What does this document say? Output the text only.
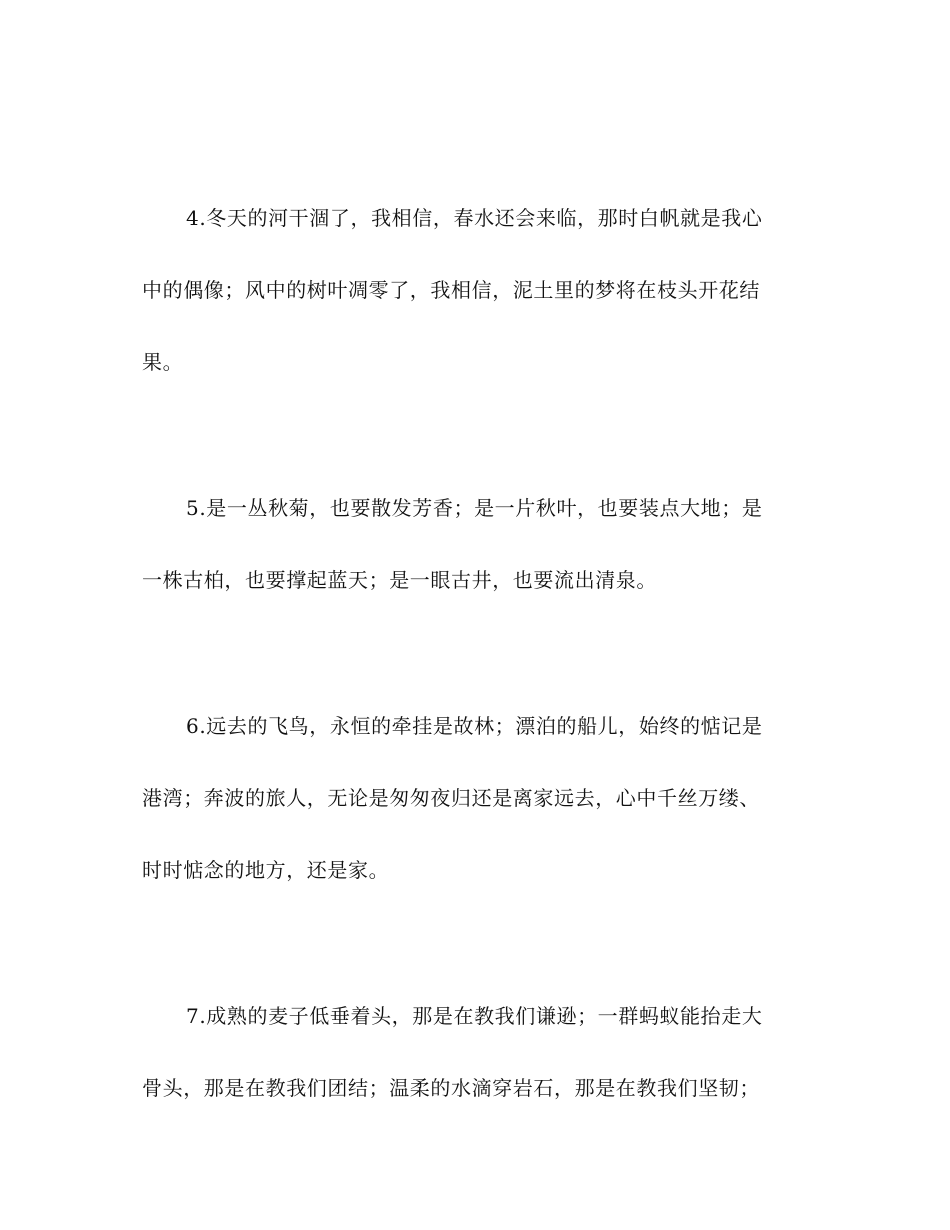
4.冬天的河干涸了，我相信，春水还会来临，那时白帆就是我心
中的偶像；风中的树叶凋零了，我相信，泥土里的梦将在枝头开花结
果。
5.是一丛秋菊，也要散发芳香；是一片秋叶，也要装点大地；是
一株古柏，也要撑起蓝天；是一眼古井，也要流出清泉。
6.远去的飞鸟，永恒的牵挂是故林；漂泊的船儿，始终的惦记是
港湾；奔波的旅人，无论是匆匆夜归还是离家远去，心中千丝万缕、
时时惦念的地方，还是家。
7.成熟的麦子低垂着头，那是在教我们谦逊；一群蚂蚁能抬走大
骨头，那是在教我们团结；温柔的水滴穿岩石，那是在教我们坚韧；
